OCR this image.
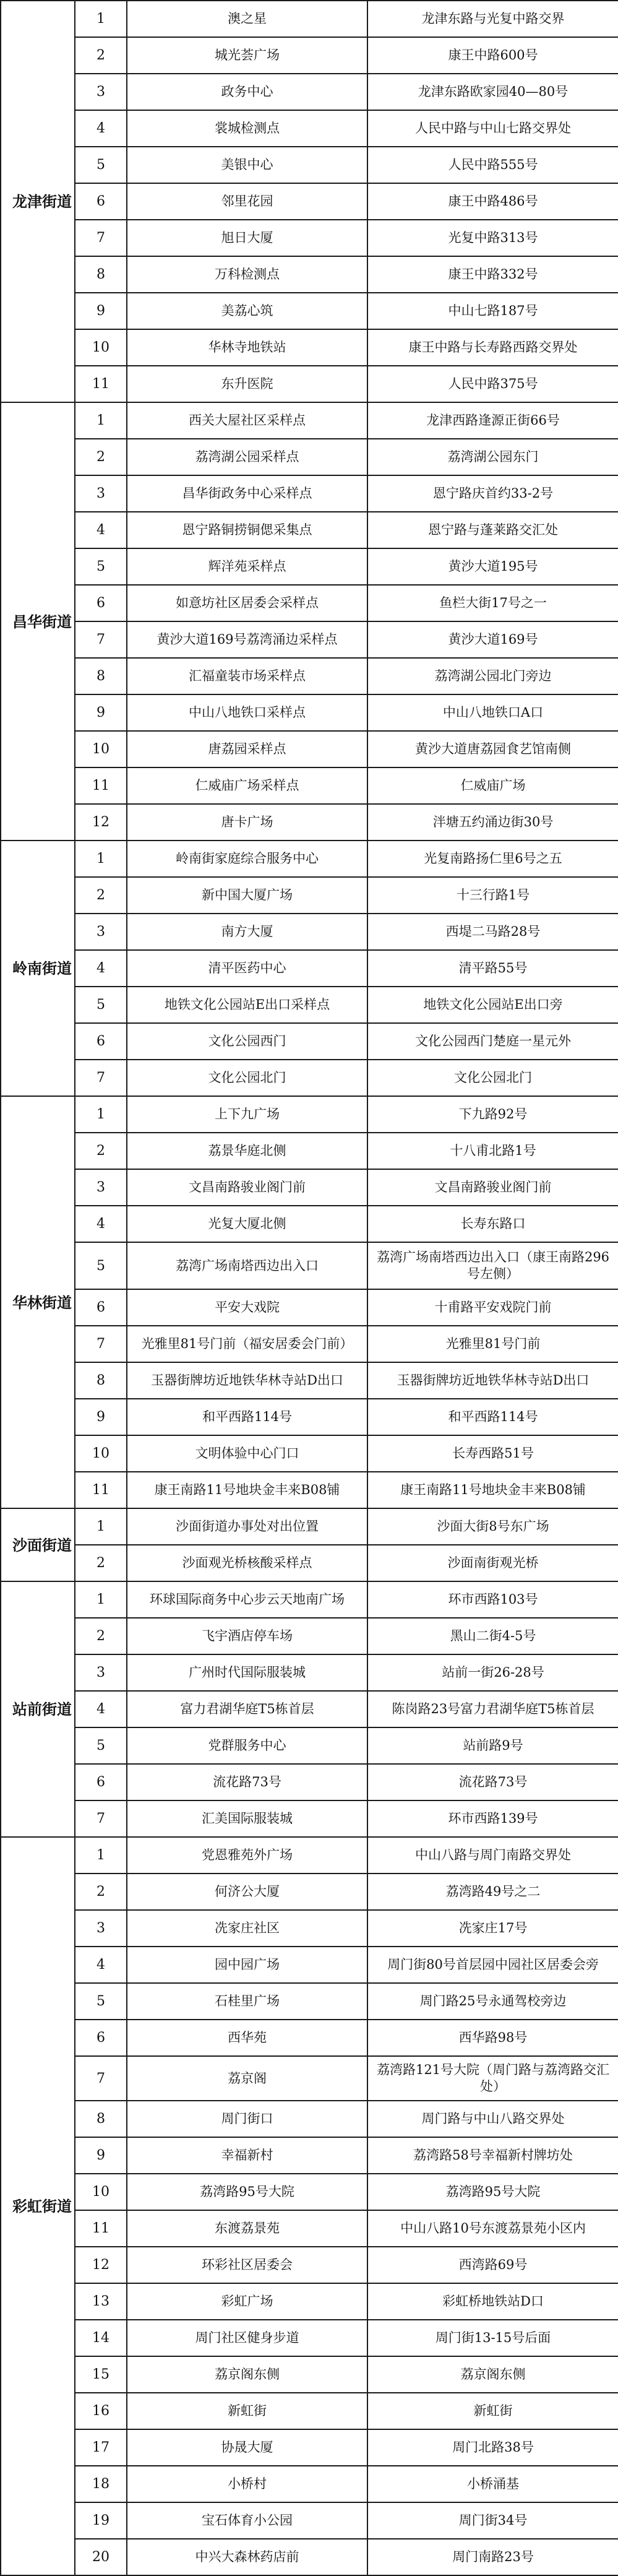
龙津街道	1	澳之星	龙津东路与光复中路交界
	2	城光荟广场	康王中路600号
	3	政务中心	龙津东路欧家园40—80号
	4	裳城检测点	人民中路与中山七路交界处
	5	美银中心	人民中路555号
	6	邻里花园	康王中路486号
	7	旭日大厦	光复中路313号
	8	万科检测点	康王中路332号
	9	美荔心筑	中山七路187号
	10	华林寺地铁站	康王中路与长寿路西路交界处
	11	东升医院	人民中路375号
昌华街道	1	西关大屋社区采样点	龙津西路逢源正街66号
	2	荔湾湖公园采样点	荔湾湖公园东门
	3	昌华街政务中心采样点	恩宁路庆首约33-2号
	4	恩宁路铜捞铜偲采集点	恩宁路与蓬莱路交汇处
	5	辉洋苑采样点	黄沙大道195号
	6	如意坊社区居委会采样点	鱼栏大街17号之一
	7	黄沙大道169号荔湾涌边采样点	黄沙大道169号
	8	汇福童装市场采样点	荔湾湖公园北门旁边
	9	中山八地铁口采样点	中山八地铁口A口
	10	唐荔园采样点	黄沙大道唐荔园食艺馆南侧
	11	仁威庙广场采样点	仁威庙广场
	12	唐卡广场	泮塘五约涌边街30号
岭南街道	1	岭南街家庭综合服务中心	光复南路扬仁里6号之五
	2	新中国大厦广场	十三行路1号
	3	南方大厦	西堤二马路28号
	4	清平医药中心	清平路55号
	5	地铁文化公园站E出口采样点	地铁文化公园站E出口旁
	6	文化公园西门	文化公园西门楚庭一星元外
	7	文化公园北门	文化公园北门
华林街道	1	上下九广场	下九路92号
	2	荔景华庭北侧	十八甫北路1号
	3	文昌南路骏业阁门前	文昌南路骏业阁门前
	4	光复大厦北侧	长寿东路口
	5	荔湾广场南塔西边出入口	荔湾广场南塔西边出入口（康王南路296号左侧）
	6	平安大戏院	十甫路平安戏院门前
	7	光雅里81号门前（福安居委会门前）	光雅里81号门前
	8	玉器街牌坊近地铁华林寺站D出口	玉器街牌坊近地铁华林寺站D出口
	9	和平西路114号	和平西路114号
	10	文明体验中心门口	长寿西路51号
	11	康王南路11号地块金丰来B08铺	康王南路11号地块金丰来B08铺
沙面街道	1	沙面街道办事处对出位置	沙面大街8号东广场
	2	沙面观光桥核酸采样点	沙面南街观光桥
站前街道	1	环球国际商务中心步云天地南广场	环市西路103号
	2	飞宇酒店停车场	黑山二街4-5号
	3	广州时代国际服装城	站前一街26-28号
	4	富力君湖华庭T5栋首层	陈岗路23号富力君湖华庭T5栋首层
	5	党群服务中心	站前路9号
	6	流花路73号	流花路73号
	7	汇美国际服装城	环市西路139号
彩虹街道	1	党恩雅苑外广场	中山八路与周门南路交界处
	2	何济公大厦	荔湾路49号之二
	3	冼家庄社区	冼家庄17号
	4	园中园广场	周门街80号首层园中园社区居委会旁
	5	石桂里广场	周门路25号永通驾校旁边
	6	西华苑	西华路98号
	7	荔京阁	荔湾路121号大院（周门路与荔湾路交汇处）
	8	周门街口	周门路与中山八路交界处
	9	幸福新村	荔湾路58号幸福新村牌坊处
	10	荔湾路95号大院	荔湾路95号大院
	11	东渡荔景苑	中山八路10号东渡荔景苑小区内
	12	环彩社区居委会	西湾路69号
	13	彩虹广场	彩虹桥地铁站D口
	14	周门社区健身步道	周门街13-15号后面
	15	荔京阁东侧	荔京阁东侧
	16	新虹街	新虹街
	17	协晟大厦	周门北路38号
	18	小桥村	小桥涌基
	19	宝石体育小公园	周门街34号
	20	中兴大森林药店前	周门南路23号
